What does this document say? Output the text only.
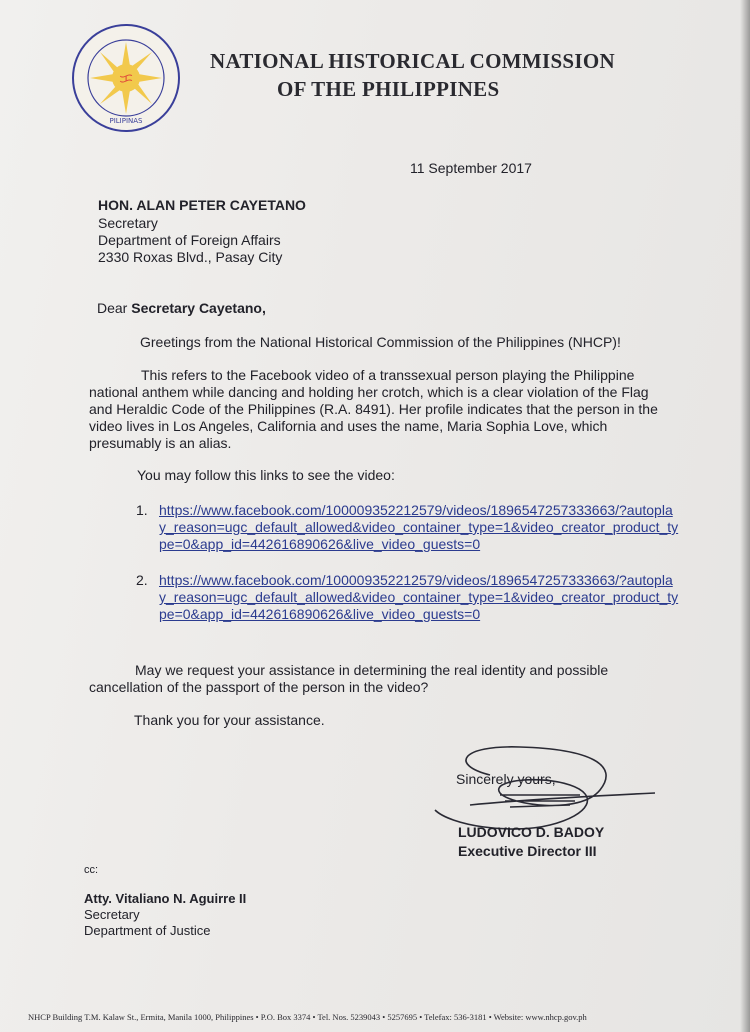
ᜃ
PILIPINAS
NATIONAL HISTORICAL COMMISSION
OF THE PHILIPPINES
11 September 2017
HON. ALAN PETER CAYETANO
Secretary
Department of Foreign Affairs
2330 Roxas Blvd., Pasay City
Dear Secretary Cayetano,
Greetings from the National Historical Commission of the Philippines (NHCP)!
This refers to the Facebook video of a transsexual person playing the Philippine national anthem while dancing and holding her crotch, which is a clear violation of the Flag and Heraldic Code of the Philippines (R.A. 8491). Her profile indicates that the person in the video lives in Los Angeles, California and uses the name, Maria Sophia Love, which presumably is an alias.
You may follow this links to see the video:
1. https://www.facebook.com/100009352212579/videos/1896547257333663/?autoplay_reason=ugc_default_allowed&video_container_type=1&video_creator_product_type=0&app_id=442616890626&live_video_guests=0
2. https://www.facebook.com/100009352212579/videos/1896547257333663/?autoplay_reason=ugc_default_allowed&video_container_type=1&video_creator_product_type=0&app_id=442616890626&live_video_guests=0
May we request your assistance in determining the real identity and possible cancellation of the passport of the person in the video?
Thank you for your assistance.
Sincerely yours,
LUDOVICO D. BADOY
Executive Director III
cc:
Atty. Vitaliano N. Aguirre II
Secretary
Department of Justice
NHCP Building T.M. Kalaw St., Ermita, Manila 1000, Philippines • P.O. Box 3374 • Tel. Nos. 5239043 • 5257695 • Telefax: 536-3181 • Website: www.nhcp.gov.ph
